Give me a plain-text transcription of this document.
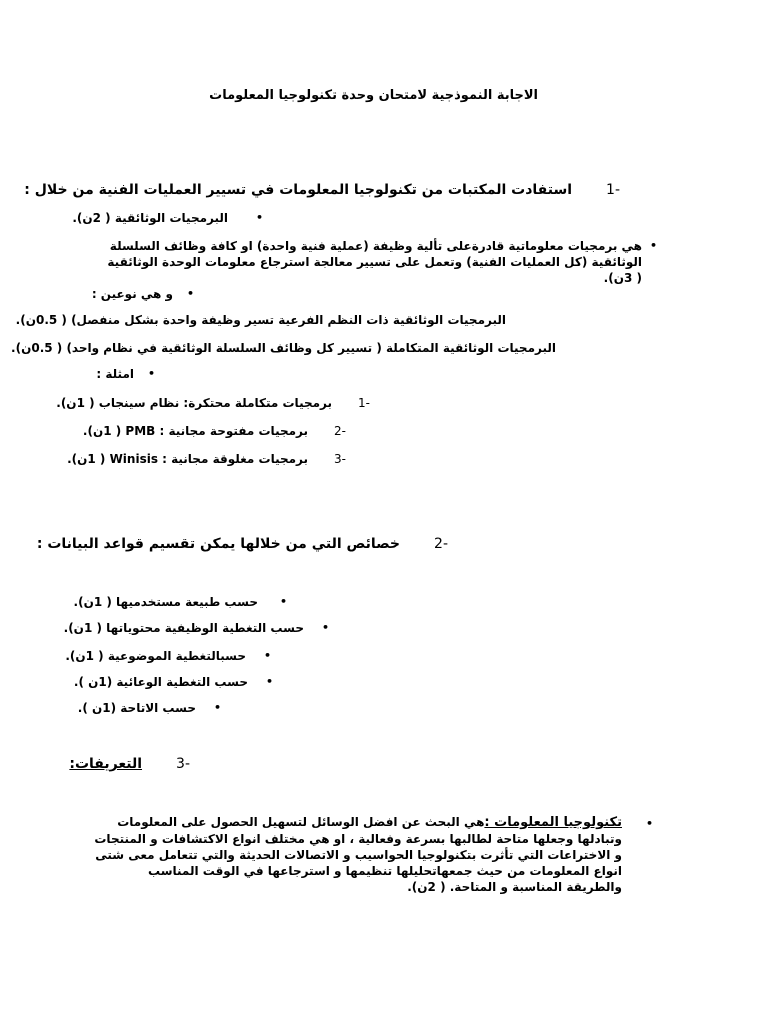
الاجابة النموذجية لامتحان وحدة تكنولوجيا المعلومات
-1استفادت المكتبات من تكنولوجيا المعلومات في تسيير العمليات الفنية من خلال :
•
البرمجيات الوثائقية ( 2ن).
•
هي برمجيات معلوماتية قادرةعلى تألية وظيفة (عملية فنية واحدة) او كافة وظائف السلسلة الوثائقية (كل العمليات الفنية) وتعمل على تسيير معالجة استرجاع معلومات الوحدة الوثائقية ( 3ن).
•
و هي نوعين :
البرمجيات الوثائقية ذات النظم الفرعية تسير وظيفة واحدة بشكل منفصل) ( 0.5ن).
البرمجيات الوثائقية المتكاملة ( تسيير كل وظائف السلسلة الوثائقية في نظام واحد) ( 0.5ن).
•
امثلة :
-1برمجيات متكاملة محتكرة: نظام سينجاب ( 1ن).
-2برمجيات مفتوحة مجانية : PMB ( 1ن).
-3برمجيات مغلوقة مجانية : Winisis ( 1ن).
-2خصائص التي من خلالها يمكن تقسيم قواعد البيانات :
•
حسب طبيعة مستخدميها ( 1ن).
•
حسب التغطية الوظيفية محتوياتها ( 1ن).
•
حسبالتغطية الموضوعية ( 1ن).
•
حسب التغطية الوعائية (1ن ).
•
حسب الاتاحة (1ن ).
-3التعريفات:
•
تكنولوجيا المعلومات :هي البحث عن افضل الوسائل لتسهيل الحصول على المعلومات وتبادلها وجعلها متاحة لطالبها بسرعة وفعالية ، او هي مختلف انواع الاكتشافات و المنتجات و الاختراعات التي تأثرت بتكنولوجيا الحواسيب و الاتصالات الحديثة والتي تتعامل معى شتى انواع المعلومات من حيث جمعهاتحليلها تنظيمها و استرجاعها في الوقت المناسب والطريقة المناسبة و المتاحة. ( 2ن).
